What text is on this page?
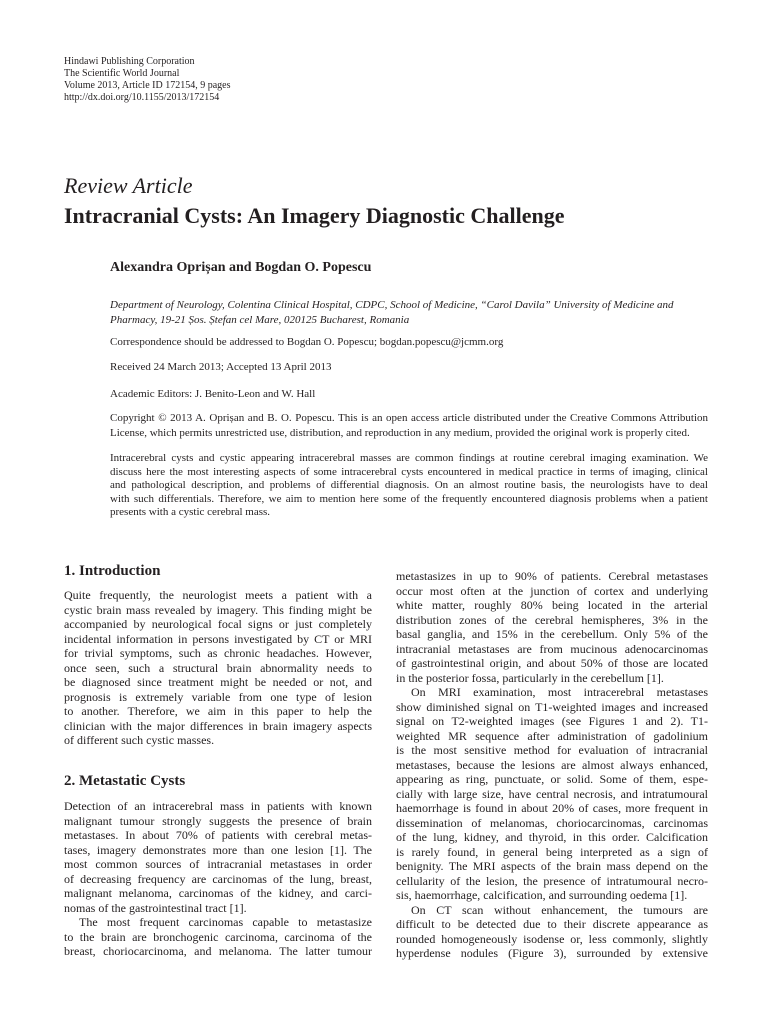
Hindawi Publishing Corporation
The Scientific World Journal
Volume 2013, Article ID 172154, 9 pages
http://dx.doi.org/10.1155/2013/172154
Review Article
Intracranial Cysts: An Imagery Diagnostic Challenge
Alexandra Oprișan and Bogdan O. Popescu
Department of Neurology, Colentina Clinical Hospital, CDPC, School of Medicine, “Carol Davila” University of Medicine and
Pharmacy, 19-21 Șos. Ștefan cel Mare, 020125 Bucharest, Romania
Correspondence should be addressed to Bogdan O. Popescu; bogdan.popescu@jcmm.org
Received 24 March 2013; Accepted 13 April 2013
Academic Editors: J. Benito-Leon and W. Hall
Copyright © 2013 A. Oprișan and B. O. Popescu. This is an open access article distributed under the Creative Commons Attribution
License, which permits unrestricted use, distribution, and reproduction in any medium, provided the original work is properly cited.
Intracerebral cysts and cystic appearing intracerebral masses are common findings at routine cerebral imaging examination. We
discuss here the most interesting aspects of some intracerebral cysts encountered in medical practice in terms of imaging, clinical
and pathological description, and problems of differential diagnosis. On an almost routine basis, the neurologists have to deal
with such differentials. Therefore, we aim to mention here some of the frequently encountered diagnosis problems when a patient
presents with a cystic cerebral mass.
1. Introduction
Quite frequently, the neurologist meets a patient with a
cystic brain mass revealed by imagery. This finding might be
accompanied by neurological focal signs or just completely
incidental information in persons investigated by CT or MRI
for trivial symptoms, such as chronic headaches. However,
once seen, such a structural brain abnormality needs to
be diagnosed since treatment might be needed or not, and
prognosis is extremely variable from one type of lesion
to another. Therefore, we aim in this paper to help the
clinician with the major differences in brain imagery aspects
of different such cystic masses.
2. Metastatic Cysts
Detection of an intracerebral mass in patients with known
malignant tumour strongly suggests the presence of brain
metastases. In about 70% of patients with cerebral metas-
tases, imagery demonstrates more than one lesion [1]. The
most common sources of intracranial metastases in order
of decreasing frequency are carcinomas of the lung, breast,
malignant melanoma, carcinomas of the kidney, and carci-
nomas of the gastrointestinal tract [1].
The most frequent carcinomas capable to metastasize
to the brain are bronchogenic carcinoma, carcinoma of the
breast, choriocarcinoma, and melanoma. The latter tumour
metastasizes in up to 90% of patients. Cerebral metastases
occur most often at the junction of cortex and underlying
white matter, roughly 80% being located in the arterial
distribution zones of the cerebral hemispheres, 3% in the
basal ganglia, and 15% in the cerebellum. Only 5% of the
intracranial metastases are from mucinous adenocarcinomas
of gastrointestinal origin, and about 50% of those are located
in the posterior fossa, particularly in the cerebellum [1].
On MRI examination, most intracerebral metastases
show diminished signal on T1-weighted images and increased
signal on T2-weighted images (see Figures 1 and 2). T1-
weighted MR sequence after administration of gadolinium
is the most sensitive method for evaluation of intracranial
metastases, because the lesions are almost always enhanced,
appearing as ring, punctuate, or solid. Some of them, espe-
cially with large size, have central necrosis, and intratumoural
haemorrhage is found in about 20% of cases, more frequent in
dissemination of melanomas, choriocarcinomas, carcinomas
of the lung, kidney, and thyroid, in this order. Calcification
is rarely found, in general being interpreted as a sign of
benignity. The MRI aspects of the brain mass depend on the
cellularity of the lesion, the presence of intratumoural necro-
sis, haemorrhage, calcification, and surrounding oedema [1].
On CT scan without enhancement, the tumours are
difficult to be detected due to their discrete appearance as
rounded homogeneously isodense or, less commonly, slightly
hyperdense nodules (Figure 3), surrounded by extensive
